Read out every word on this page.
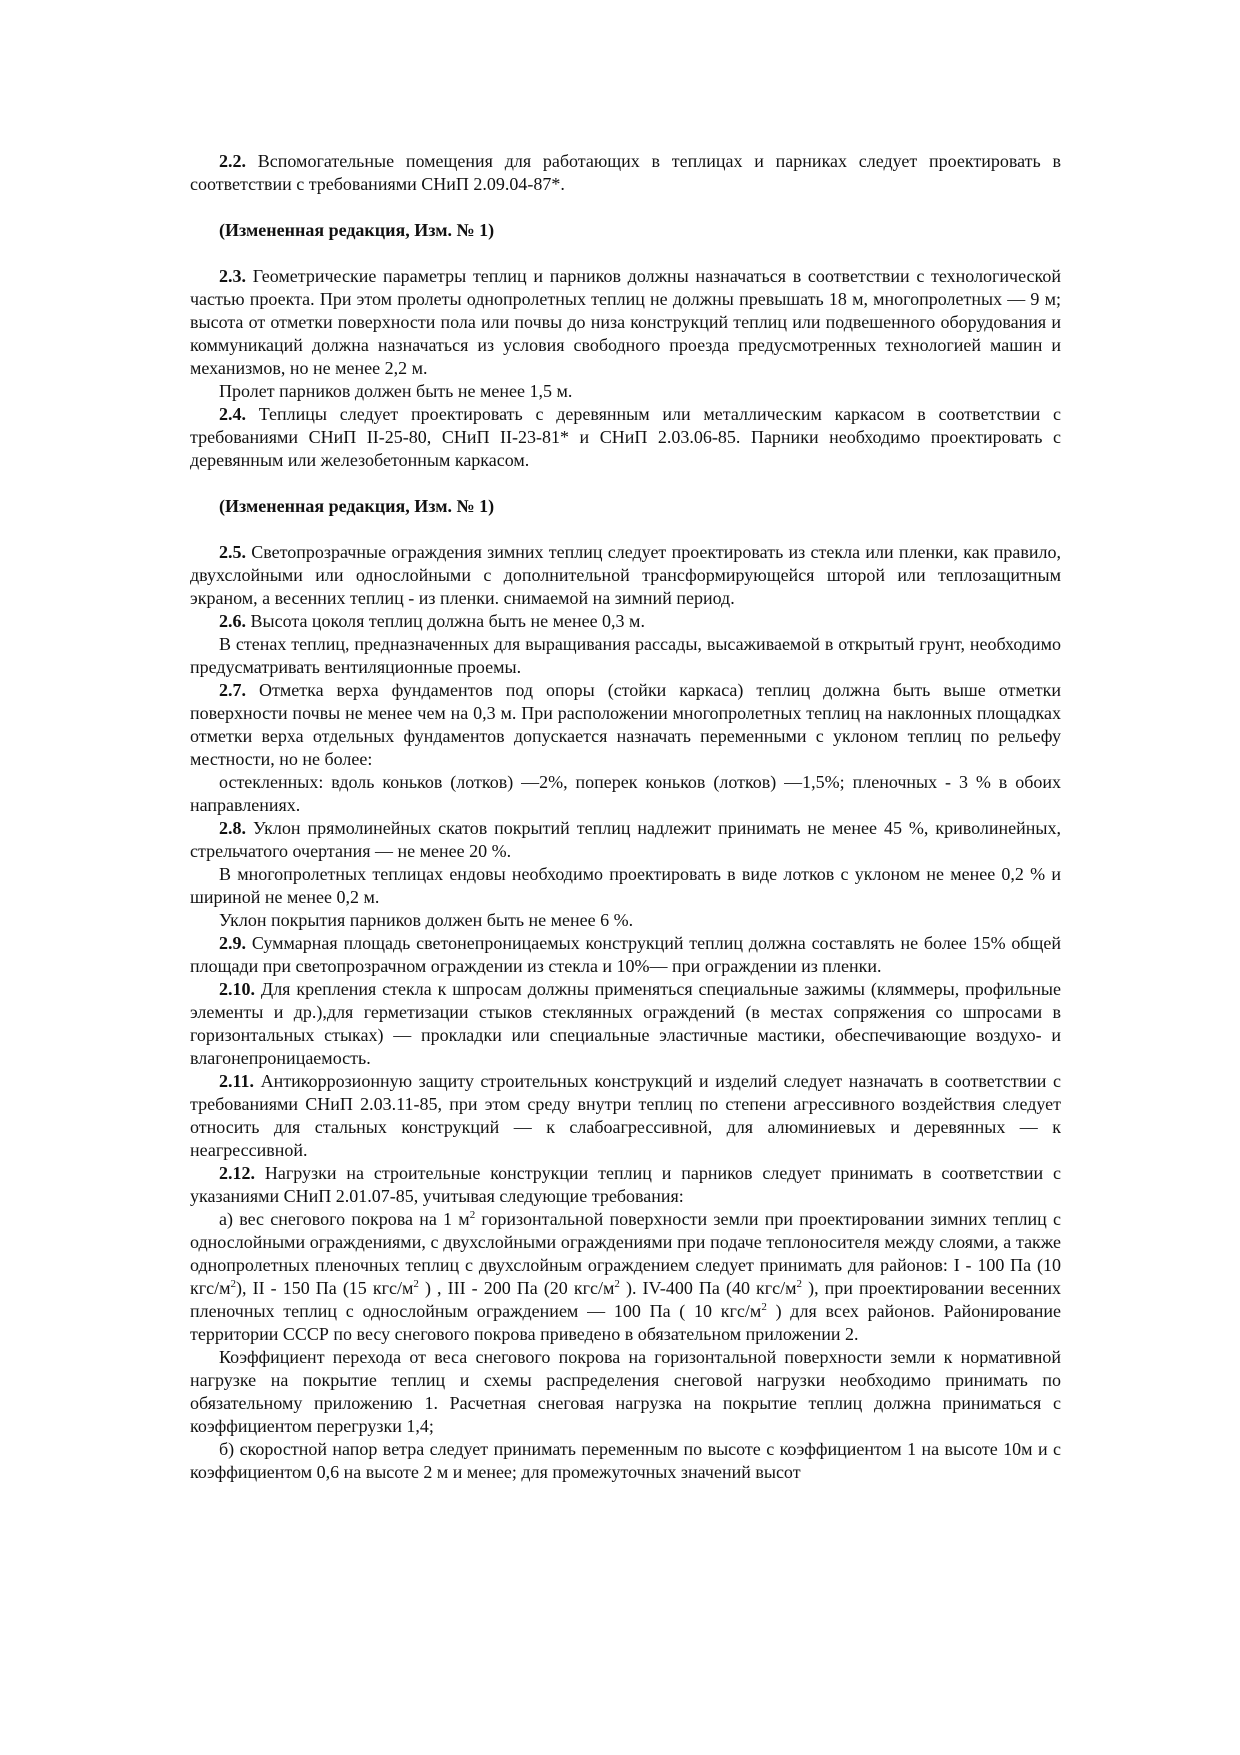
2.2. Вспомогательные помещения для работающих в теплицах и парниках следует проектировать в соответствии с требованиями СНиП 2.09.04-87*.

(Измененная редакция, Изм. № 1)

2.3. Геометрические параметры теплиц и парников должны назначаться в соответствии с технологической частью проекта. При этом пролеты однопролетных теплиц не должны превышать 18 м, многопролетных — 9 м; высота от отметки поверхности пола или почвы до низа конструкций теплиц или подвешенного оборудования и коммуникаций должна назначаться из условия свободного проезда предусмотренных технологией машин и механизмов, но не менее 2,2 м.

Пролет парников должен быть не менее 1,5 м.

2.4. Теплицы следует проектировать с деревянным или металлическим каркасом в соответствии с требованиями СНиП II-25-80, СНиП II-23-81* и СНиП 2.03.06-85. Парники необходимо проектировать с деревянным или железобетонным каркасом.

(Измененная редакция, Изм. № 1)

2.5. Светопрозрачные ограждения зимних теплиц следует проектировать из стекла или пленки, как правило, двухслойными или однослойными с дополнительной трансформирующейся шторой или теплозащитным экраном, а весенних теплиц - из пленки. снимаемой на зимний период.

2.6. Высота цоколя теплиц должна быть не менее 0,3 м.

В стенах теплиц, предназначенных для выращивания рассады, высаживаемой в открытый грунт, необходимо предусматривать вентиляционные проемы.

2.7. Отметка верха фундаментов под опоры (стойки каркаса) теплиц должна быть выше отметки поверхности почвы не менее чем на 0,3 м. При расположении многопролетных теплиц на наклонных площадках отметки верха отдельных фундаментов допускается назначать переменными с уклоном теплиц по рельефу местности, но не более:

остекленных: вдоль коньков (лотков) —2%, поперек коньков (лотков) —1,5%; пленочных - 3 % в обоих направлениях.

2.8. Уклон прямолинейных скатов покрытий теплиц надлежит принимать не менее 45 %, криволинейных, стрельчатого очертания — не менее 20 %.

В многопролетных теплицах ендовы необходимо проектировать в виде лотков с уклоном не менее 0,2 % и шириной не менее 0,2 м.

Уклон покрытия парников должен быть не менее 6 %.

2.9. Суммарная площадь светонепроницаемых конструкций теплиц должна составлять не более 15% общей площади при светопрозрачном ограждении из стекла и 10%— при ограждении из пленки.

2.10. Для крепления стекла к шпросам должны применяться специальные зажимы (кляммеры, профильные элементы и др.),для герметизации стыков стеклянных ограждений (в местах сопряжения со шпросами в горизонтальных стыках) — прокладки или специальные эластичные мастики, обеспечивающие воздухо- и влагонепроницаемость.

2.11. Антикоррозионную защиту строительных конструкций и изделий следует назначать в соответствии с требованиями СНиП 2.03.11-85, при этом среду внутри теплиц по степени агрессивного воздействия следует относить для стальных конструкций — к слабоагрессивной, для алюминиевых и деревянных — к неагрессивной.

2.12. Нагрузки на строительные конструкции теплиц и парников следует принимать в соответствии с указаниями СНиП 2.01.07-85, учитывая следующие требования:

а) вес снегового покрова на 1 $м^2$ горизонтальной поверхности земли при проектировании зимних теплиц с однослойными ограждениями, с двухслойными ограждениями при подаче теплоносителя между слоями, а также однопролетных пленочных теплиц с двухслойным ограждением следует принимать для районов: I - 100 Па (10 кгс/$м^2$), II - 150 Па (15 кгс/$м^2$ ) , III - 200 Па (20 кгс/$м^2$ ). IV-400 Па (40 кгс/$м^2$ ), при проектировании весенних пленочных теплиц с однослойным ограждением — 100 Па ( 10 кгс/$м^2$ ) для всех районов. Районирование территории СССР по весу снегового покрова приведено в обязательном приложении 2.

Коэффициент перехода от веса снегового покрова на горизонтальной поверхности земли к нормативной нагрузке на покрытие теплиц и схемы распределения снеговой нагрузки необходимо принимать по обязательному приложению 1. Расчетная снеговая нагрузка на покрытие теплиц должна приниматься с коэффициентом перегрузки 1,4;

б) скоростной напор ветра следует принимать переменным по высоте с коэффициентом 1 на высоте 10м и с коэффициентом 0,6 на высоте 2 м и менее; для промежуточных значений высот
